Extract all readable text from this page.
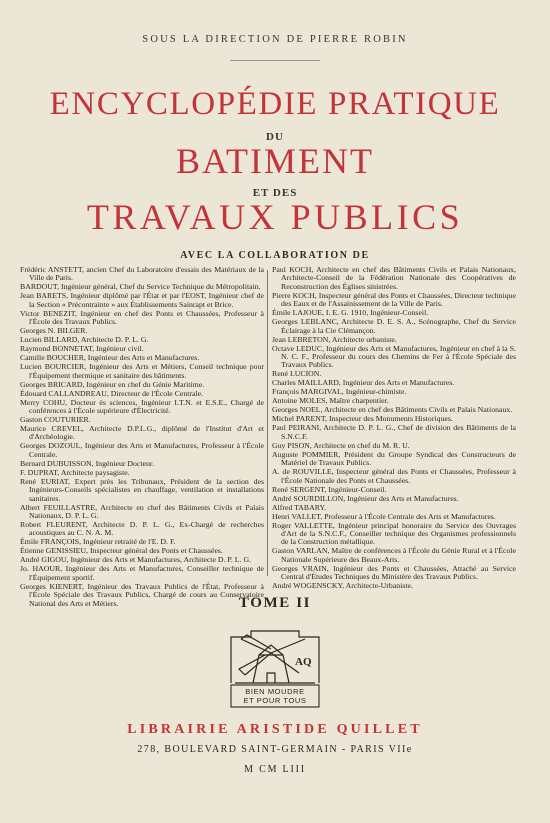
SOUS LA DIRECTION DE PIERRE ROBIN
ENCYCLOPÉDIE PRATIQUE
DU
BATIMENT
ET DES
TRAVAUX PUBLICS
AVEC LA COLLABORATION DE
Frédéric ANSTETT, ancien Chef du Laboratoire d'essais des Matériaux de la Ville de Paris.
BARDOUT, Ingénieur général, Chef du Service Technique du Métropolitain.
Jean BARETS, Ingénieur diplômé par l'État et par l'EOST, Ingénieur chef de la Section « Précontrainte » aux Établissements Sainrapt et Brice.
Victor BENEZIT, Ingénieur en chef des Ponts et Chaussées, Professeur à l'École des Travaux Publics.
Georges N. BILGER.
Lucien BILLARD, Architecte D. P. L. G.
Raymond BONNETAT, Ingénieur civil.
Camille BOUCHER, Ingénieur des Arts et Manufactures.
Lucien BOURCIER, Ingénieur des Arts et Métiers, Conseil technique pour l'Équipement thermique et sanitaire des bâtiments.
Georges BRICARD, Ingénieur en chef du Génie Maritime.
Édouard CALLANDREAU, Directeur de l'École Centrale.
Merry COHU, Docteur ès sciences, Ingénieur I.T.N. et E.S.E., Chargé de conférences à l'École supérieure d'Électricité.
Gaston COUTURIER.
Maurice CREVEL, Architecte D.P.L.G., diplômé de l'Institut d'Art et d'Archéologie.
Georges DOZOUL, Ingénieur des Arts et Manufactures, Professeur à l'École Centrale.
Bernard DUBUISSON, Ingénieur Docteur.
F. DUPRAT, Architecte paysagiste.
René EURIAT, Expert près les Tribunaux, Président de la section des Ingénieurs-Conseils spécialistes en chauffage, ventilation et installations sanitaires.
Albert FEUILLASTRE, Architecte en chef des Bâtiments Civils et Palais Nationaux, D. P. L. G.
Robert FLEURENT, Architecte D. P. L. G., Ex-Chargé de recherches acoustiques au C. N. A. M.
Émile FRANÇOIS, Ingénieur retraité de l'E. D. F.
Étienne GENISSIEU, Inspecteur général des Ponts et Chaussées.
André GIGOU, Ingénieur des Arts et Manufactures, Architecte D. P. L. G.
Jo. HAOUR, Ingénieur des Arts et Manufactures, Conseiller technique de l'Équipement sportif.
Georges KIENERT, Ingénieur des Travaux Publics de l'État, Professeur à l'École Spéciale des Travaux Publics, Chargé de cours au Conservatoire National des Arts et Métiers.
Paul KOCH, Architecte en chef des Bâtiments Civils et Palais Nationaux, Architecte-Conseil de la Fédération Nationale des Coopératives de Reconstruction des Églises sinistrées.
Pierre KOCH, Inspecteur général des Ponts et Chaussées, Directeur technique des Eaux et de l'Assainissement de la Ville de Paris.
Émile LAJOUE, I. E. G. 1910, Ingénieur-Conseil.
Georges LEBLANC, Architecte D. E. S. A., Scénographe, Chef du Service Éclairage à la Cie Clémançon.
Jean LEBRETON, Architecte urbaniste.
Octave LEDUC, Ingénieur des Arts et Manufactures, Ingénieur en chef à la S. N. C. F., Professeur du cours des Chemins de Fer à l'École Spéciale des Travaux Publics.
René LUCION.
Charles MAILLARD, Ingénieur des Arts et Manufactures.
François MARGIVAL, Ingénieur-chimiste.
Antoine MOLES, Maître charpentier.
Georges NOEL, Architecte en chef des Bâtiments Civils et Palais Nationaux.
Michel PARENT, Inspecteur des Monuments Historiques.
Paul PEIRANI, Architecte D. P. L. G., Chef de division des Bâtiments de la S.N.C.F.
Guy PISON, Architecte en chef du M. R. U.
Auguste POMMIER, Président du Groupe Syndical des Constructeurs de Matériel de Travaux Publics.
A. de ROUVILLE, Inspecteur général des Ponts et Chaussées, Professeur à l'École Nationale des Ponts et Chaussées.
René SERGENT, Ingénieur-Conseil.
André SOURDILLON, Ingénieur des Arts et Manufactures.
Alfred TABARY.
Henri VALLET, Professeur à l'École Centrale des Arts et Manufactures.
Roger VALLETTE, Ingénieur principal honoraire du Service des Ouvrages d'Art de la S.N.C.F., Conseiller technique des Organismes professionnels de la Construction métallique.
Gaston VARLAN, Maître de conférences à l'École du Génie Rural et à l'École Nationale Supérieure des Beaux-Arts.
Georges VRAIN, Ingénieur des Ponts et Chaussées, Attaché au Service Central d'Études Techniques du Ministère des Travaux Publics.
André WOGENSCKY, Architecte-Urbaniste.
TOME II
AQ
BIEN MOUDRE
ET POUR TOUS
LIBRAIRIE ARISTIDE QUILLET
278, BOULEVARD SAINT-GERMAIN - PARIS VIIe
M CM LIII
